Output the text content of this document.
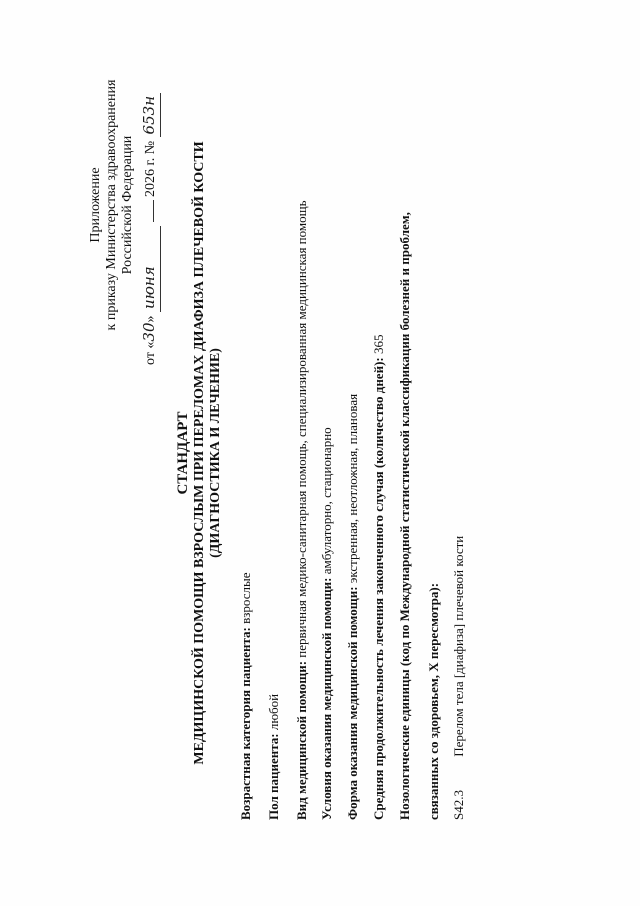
Приложение к приказу Министерства здравоохранения Российской Федерации
от «30» июня  2026 г. № 653н
СТАНДАРТ МЕДИЦИНСКОЙ ПОМОЩИ ВЗРОСЛЫМ ПРИ ПЕРЕЛОМАХ ДИАФИЗА ПЛЕЧЕВОЙ КОСТИ (ДИАГНОСТИКА И ЛЕЧЕНИЕ)
Возрастная категория пациента: взрослые
Пол пациента: любой Вид медицинской помощи: первичная медико-санитарная помощь, специализированная медицинская помощь
Условия оказания медицинской помощи: амбулаторно, стационарно
Форма оказания медицинской помощи: экстренная, неотложная, плановая Средняя продолжительность лечения законченного случая (количество дней): 365 Нозологические единицы (код по Международной статистической классификации болезней и проблем, связанных со здоровьем, X пересмотра): S42.3 Перелом тела [диафиза] плечевой кости
